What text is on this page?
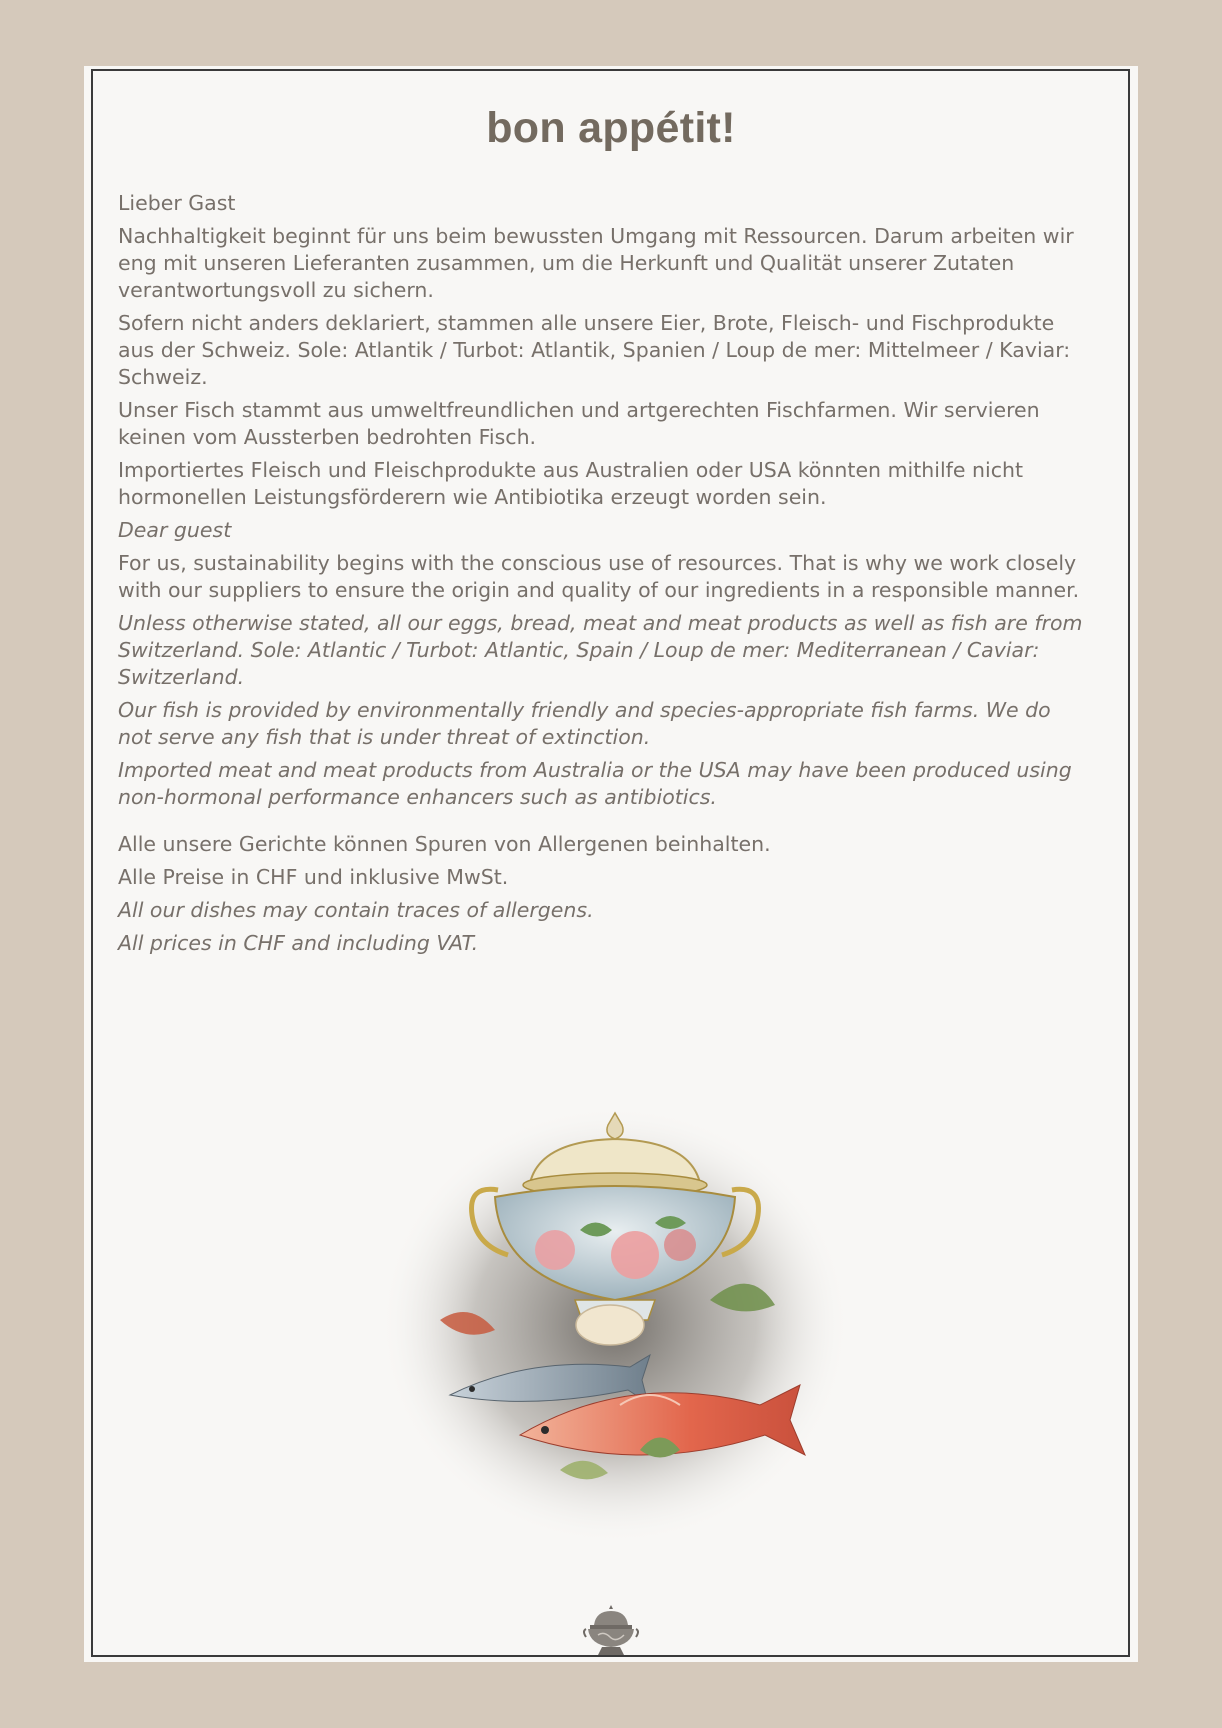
bon appétit!

Lieber Gast

Nachhaltigkeit beginnt für uns beim bewussten Umgang mit Ressourcen. Darum arbeiten wir eng mit unseren Lieferanten zusammen, um die Herkunft und Qualität unserer Zutaten verantwortungsvoll zu sichern.

Sofern nicht anders deklariert, stammen alle unsere Eier, Brote, Fleisch- und Fischprodukte aus der Schweiz. Sole: Atlantik / Turbot: Atlantik, Spanien / Loup de mer: Mittelmeer / Kaviar: Schweiz.

Unser Fisch stammt aus umweltfreundlichen und artgerechten Fischfarmen. Wir servieren keinen vom Aussterben bedrohten Fisch.

Importiertes Fleisch und Fleischprodukte aus Australien oder USA könnten mithilfe nicht hormonellen Leistungsförderern wie Antibiotika erzeugt worden sein.

Dear guest

For us, sustainability begins with the conscious use of resources. That is why we work closely with our suppliers to ensure the origin and quality of our ingredients in a responsible manner.

Unless otherwise stated, all our eggs, bread, meat and meat products as well as fish are from Switzerland. Sole: Atlantic / Turbot: Atlantic, Spain / Loup de mer: Mediterranean / Caviar: Switzerland.

Our fish is provided by environmentally friendly and species-appropriate fish farms. We do not serve any fish that is under threat of extinction.

Imported meat and meat products from Australia or the USA may have been produced using non-hormonal performance enhancers such as antibiotics.

Alle unsere Gerichte können Spuren von Allergenen beinhalten.

Alle Preise in CHF und inklusive MwSt.

All our dishes may contain traces of allergens.

All prices in CHF and including VAT.
